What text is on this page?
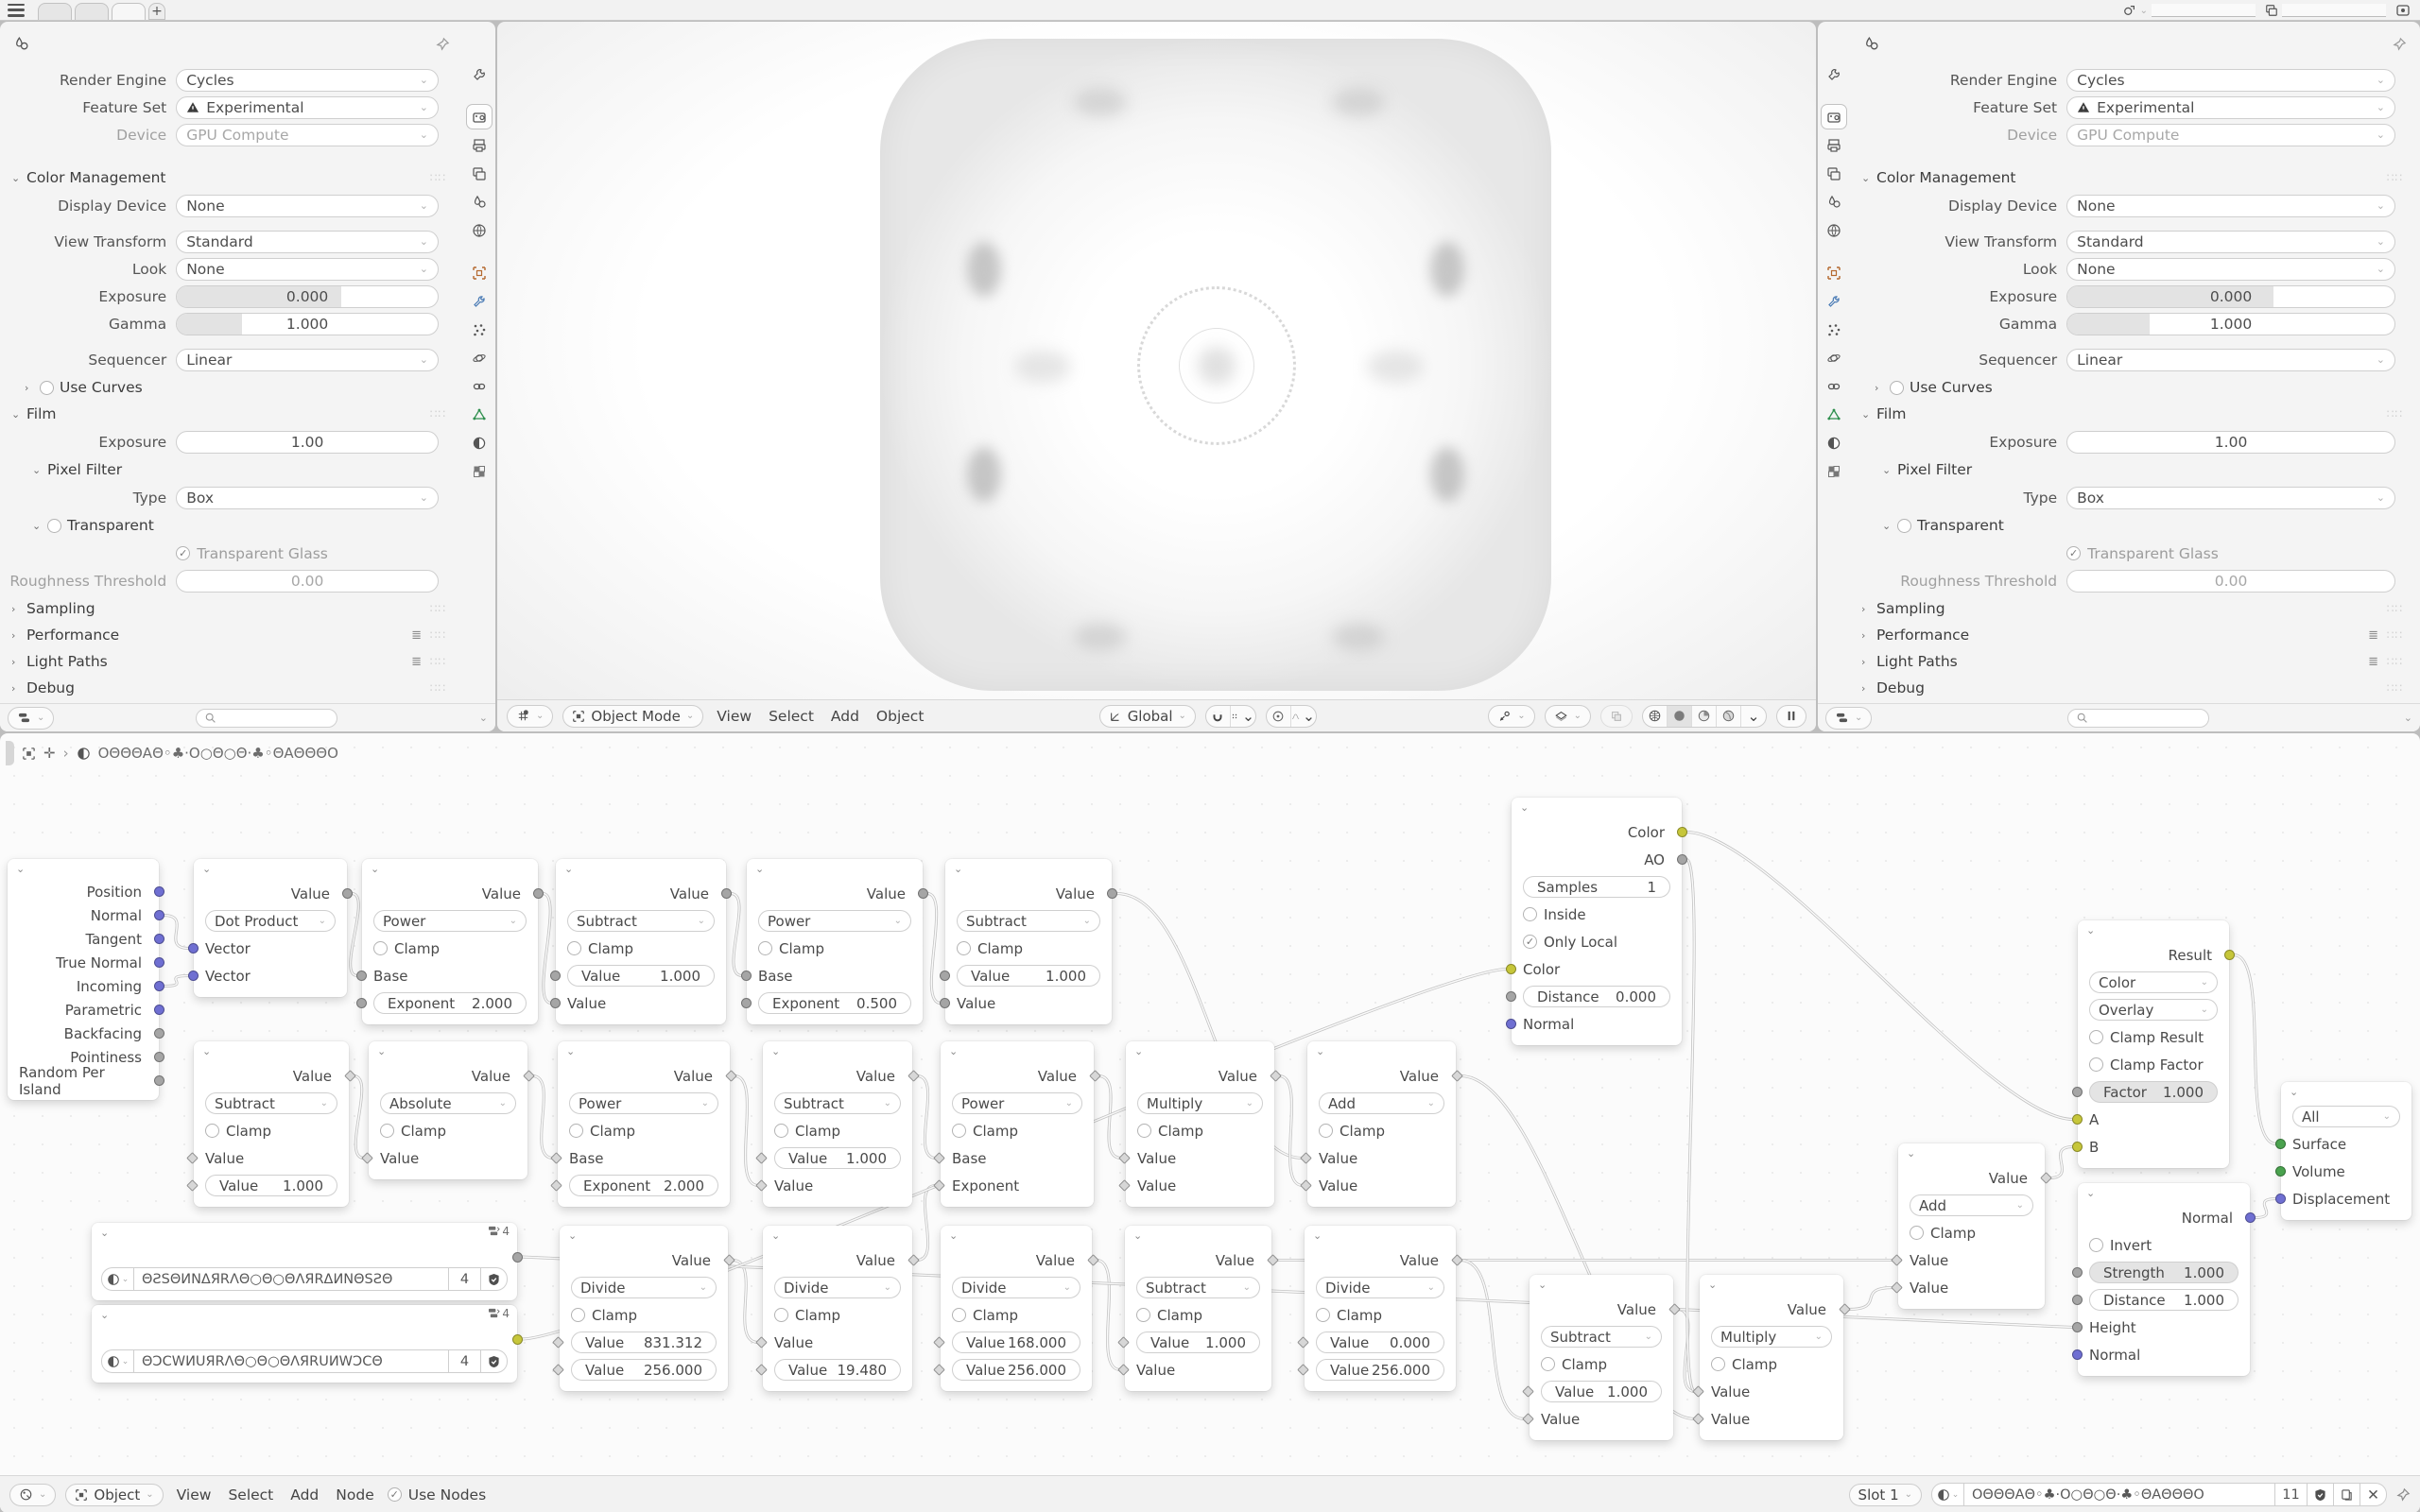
+	⌄
Render Engine	Cycles	⌄
Feature Set	Experimental	⌄
Device	GPU Compute	⌄
⌄ Color Management	∷∷
Display Device	None	⌄
View Transform	Standard	⌄
Look	None	⌄
Exposure	0.000
Gamma	1.000
Sequencer	Linear	⌄
›	Use Curves
⌄ Film	∷∷
Exposure	1.00
⌄ Pixel Filter
Type	Box	⌄
⌄	Transparent
✓ Transparent Glass
Roughness Threshold	0.00
› Sampling	∷∷
› Performance	≣ ∷∷
› Light Paths	≣ ∷∷
› Debug	∷∷
⌄	⌄	⌄	Object Mode ⌄ View Select Add Object	Global ⌄	⌄	⌄	⌄	⌄	⌄
Render Engine	Cycles	⌄
Feature Set	Experimental	⌄
Device	GPU Compute	⌄
⌄ Color Management	∷∷
Display Device	None	⌄
View Transform	Standard	⌄
Look	None	⌄
Exposure	0.000
Gamma	1.000
Sequencer	Linear	⌄
›	Use Curves
⌄ Film	∷∷
Exposure	1.00
⌄ Pixel Filter
Type	Box	⌄
⌄	Transparent
✓ Transparent Glass
Roughness Threshold	0.00
› Sampling	∷∷
› Performance	≣ ∷∷
› Light Paths	≣ ∷∷
› Debug	∷∷
⌄	⌄
✛ › ΟΘΘΘΑΘ◦♣·Ο○Θ○Θ·♣◦ΘΑΘΘΘΟ
⌄
Position
Normal
Tangent
True Normal
Incoming
Parametric
Backfacing
Pointiness
Random Per Island
⌄
Value
Dot Product ⌄
Vector
Vector
⌄
Value
Power	⌄
Clamp
Base
Exponent 2.000
⌄
Value
Subtract	⌄
Clamp
Value	1.000
Value
⌄
Value
Power	⌄
Clamp
Base
Exponent 0.500
⌄
Value
Subtract	⌄
Clamp
Value	1.000
Value
⌄
Value
Subtract	⌄
Clamp
Value
Value 1.000
⌄
Value
Absolute	⌄
Clamp
Value
⌄
Value
Power	⌄
Clamp
Base
Exponent 2.000
⌄
Value
Subtract	⌄
Clamp
Value 1.000
Value
⌄
Value
Power	⌄
Clamp
Base
Exponent
⌄
Value
Multiply	⌄
Clamp
Value
Value
⌄
Value
Add	⌄
Clamp
Value
Value
⌄
Value
Divide	⌄
Clamp
Value 831.312
Value 256.000
⌄
Value
Divide	⌄
Clamp
Value
Value 19.480
⌄
Value
Divide	⌄
Clamp
Value 168.000
Value 256.000
⌄
Value
Subtract	⌄
Clamp
Value 1.000
Value
⌄
Value
Divide	⌄
Clamp
Value 0.000
Value 256.000
⌄
Value
Subtract	⌄
Clamp
Value 1.000
Value
⌄
Value
Multiply	⌄
Clamp
Value
Value
⌄
Value
Add	⌄
Clamp
Value
Value
⌄
Color
AO
Samples	1
Inside
✓ Only Local
Color
Distance 0.000
Normal
⌄
Result
Color	⌄
Overlay	⌄
Clamp Result
Clamp Factor
Factor 1.000
A
B
⌄
Normal
Invert
Strength 1.000
Distance 1.000
Height
Normal
⌄
All	⌄
Surface
Volume
Displacement
⌄	4
⌄ ΘƧSΘИNΔЯRΛΘ○Θ○ΘΛЯRΔИNΘSƧΘ	4
⌄	4
⌄ ΘƆCWИUЯRΛΘ○Θ○ΘΛЯRUИWƆCΘ	4
⌄	Object ⌄ View Select Add Node	✓ Use Nodes	Slot 1 ⌄	⌄ ΟΘΘΘΑΘ◦♣·Ο○Θ○Θ·♣◦ΘΑΘΘΘΟ	11	✕
